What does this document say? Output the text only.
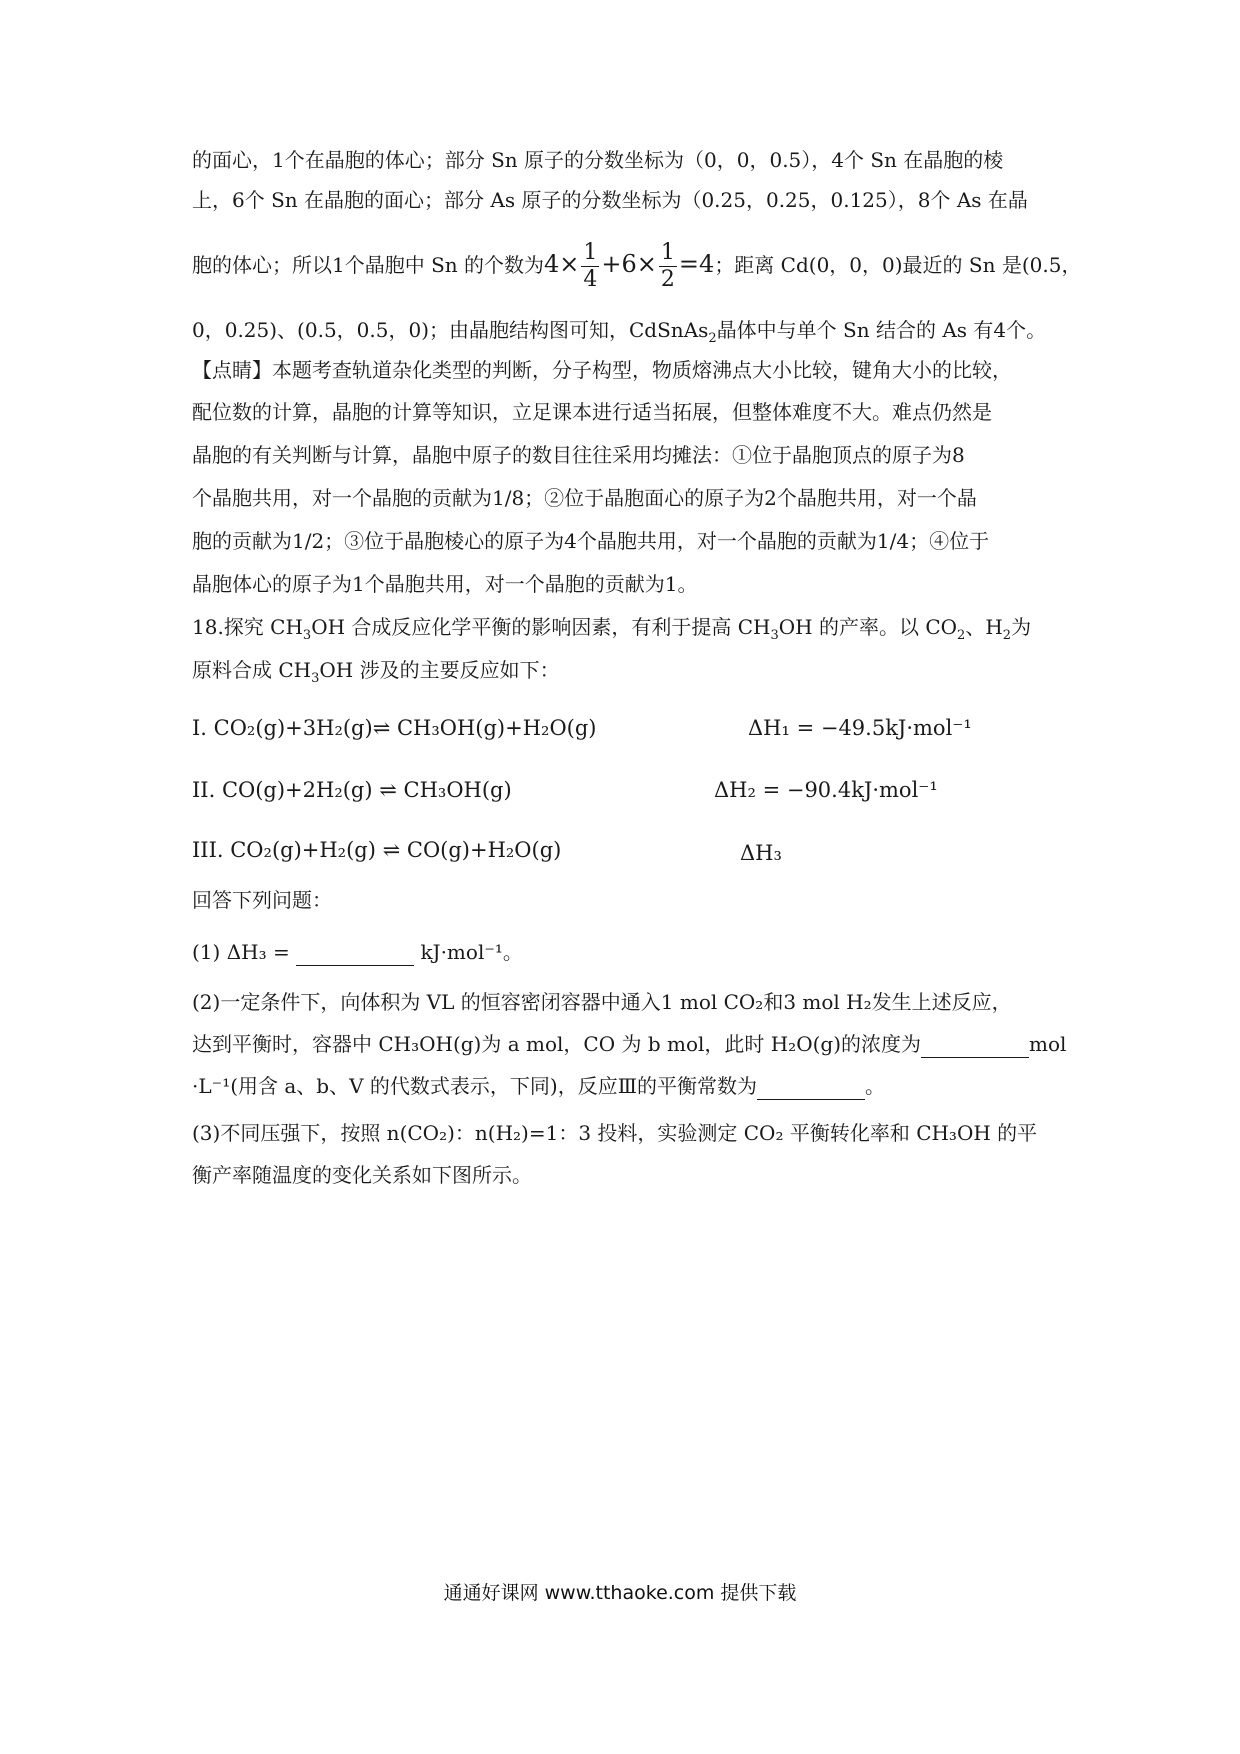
的面心，1个在晶胞的体心；部分 Sn 原子的分数坐标为（0，0，0.5），4个 Sn 在晶胞的棱
上，6个 Sn 在晶胞的面心；部分 As 原子的分数坐标为（0.25，0.25，0.125），8个 As 在晶
胞的体心；所以1个晶胞中 Sn 的个数为$4\times \frac{1}{4} +6\times \frac{1}{2} =4$；距离 Cd(0，0，0)最近的 Sn 是(0.5，
0，0.25)、(0.5，0.5，0)；由晶胞结构图可知，CdSnAs$_2$晶体中与单个 Sn 结合的 As 有4个。
【点睛】本题考查轨道杂化类型的判断，分子构型，物质熔沸点大小比较，键角大小的比较，
配位数的计算，晶胞的计算等知识，立足课本进行适当拓展，但整体难度不大。难点仍然是
晶胞的有关判断与计算，晶胞中原子的数目往往采用均摊法：①位于晶胞顶点的原子为8
个晶胞共用，对一个晶胞的贡献为1/8；②位于晶胞面心的原子为2个晶胞共用，对一个晶
胞的贡献为1/2；③位于晶胞棱心的原子为4个晶胞共用，对一个晶胞的贡献为1/4；④位于
晶胞体心的原子为1个晶胞共用，对一个晶胞的贡献为1。
18.探究 $CH_3OH$ 合成反应化学平衡的影响因素，有利于提高 $CH_3OH$ 的产率。以 $CO_2$、$H_2$为
原料合成 $CH_3OH$ 涉及的主要反应如下：
I. CO₂(g)+3H₂(g)⇌ CH₃OH(g)+H₂O(g)	ΔH₁ = −49.5kJ·mol⁻¹
II. CO(g)+2H₂(g) ⇌ CH₃OH(g)	ΔH₂ = −90.4kJ·mol⁻¹
III. CO₂(g)+H₂(g) ⇌ CO(g)+H₂O(g)	ΔH₃
回答下列问题：
(1) ΔH₃ =	kJ·mol⁻¹。
(2)一定条件下，向体积为 VL 的恒容密闭容器中通入1 mol CO₂和3 mol H₂发生上述反应，
达到平衡时，容器中 CH₃OH(g)为 a mol，CO 为 b mol，此时 H₂O(g)的浓度为	mol
·L⁻¹(用含 a、b、V 的代数式表示，下同)，反应Ⅲ的平衡常数为	。
(3)不同压强下，按照 n(CO₂)：n(H₂)=1：3 投料，实验测定 CO₂ 平衡转化率和 CH₃OH 的平
衡产率随温度的变化关系如下图所示。
通通好课网 www.tthaoke.com 提供下载
